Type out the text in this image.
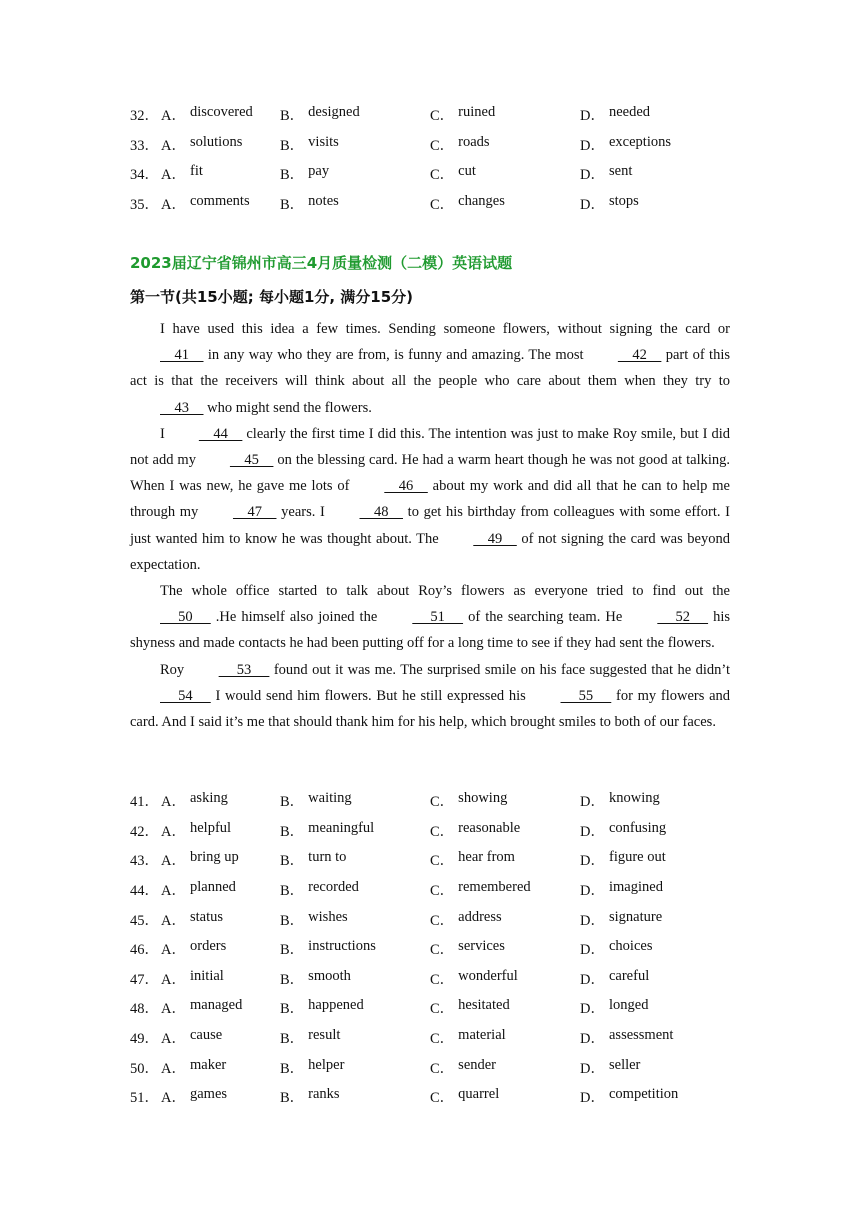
32． A． discovered B． designed	C． ruined	D． needed
33． A． solutions	B． visits	C． roads	D． exceptions
34． A． fit	B． pay	C． cut	D． sent
35． A． comments B． notes	C． changes	D． stops
2023届辽宁省锦州市高三4月质量检测（二模）英语试题
第一节(共15小题; 每小题1分, 满分15分)

I have used this idea a few times. Sending someone flowers, without signing the card or     41     in any way who they are from, is funny and amazing. The most     42     part of this act is that the receivers will think about all the people who care about them when they try to     43     who might send the flowers.

I     44     clearly the first time I did this. The intention was just to make Roy smile, but I did not add my     45     on the blessing card. He had a warm heart though he was not good at talking. When I was new, he gave me lots of     46     about my work and did all that he can to help me through my     47     years. I     48     to get his birthday from colleagues with some effort. I just wanted him to know he was thought about. The     49     of not signing the card was beyond expectation.

The whole office started to talk about Roy’s flowers as everyone tried to find out the      50      .He himself also joined the      51      of the searching team. He      52      his shyness and made contacts he had been putting off for a long time to see if they had sent the flowers.

Roy      53      found out it was me. The surprised smile on his face suggested that he didn’t      54      I would send him flowers. But he still expressed his      55      for my flowers and card. And I said it’s me that should thank him for his help, which brought smiles to both of our faces.

41． A． asking	B． waiting	C． showing	D． knowing
42． A． helpful	B． meaningful	C． reasonable	D． confusing
43． A． bring up	B． turn to	C． hear from	D． figure out
44． A． planned	B． recorded	C． remembered	D． imagined
45． A． status	B． wishes	C． address	D． signature
46． A． orders	B． instructions	C． services	D． choices
47． A． initial	B． smooth	C． wonderful	D． careful
48． A． managed	B． happened	C． hesitated	D． longed
49． A． cause	B． result	C． material	D． assessment
50． A． maker	B． helper	C． sender	D． seller
51． A． games	B． ranks	C． quarrel	D． competition
